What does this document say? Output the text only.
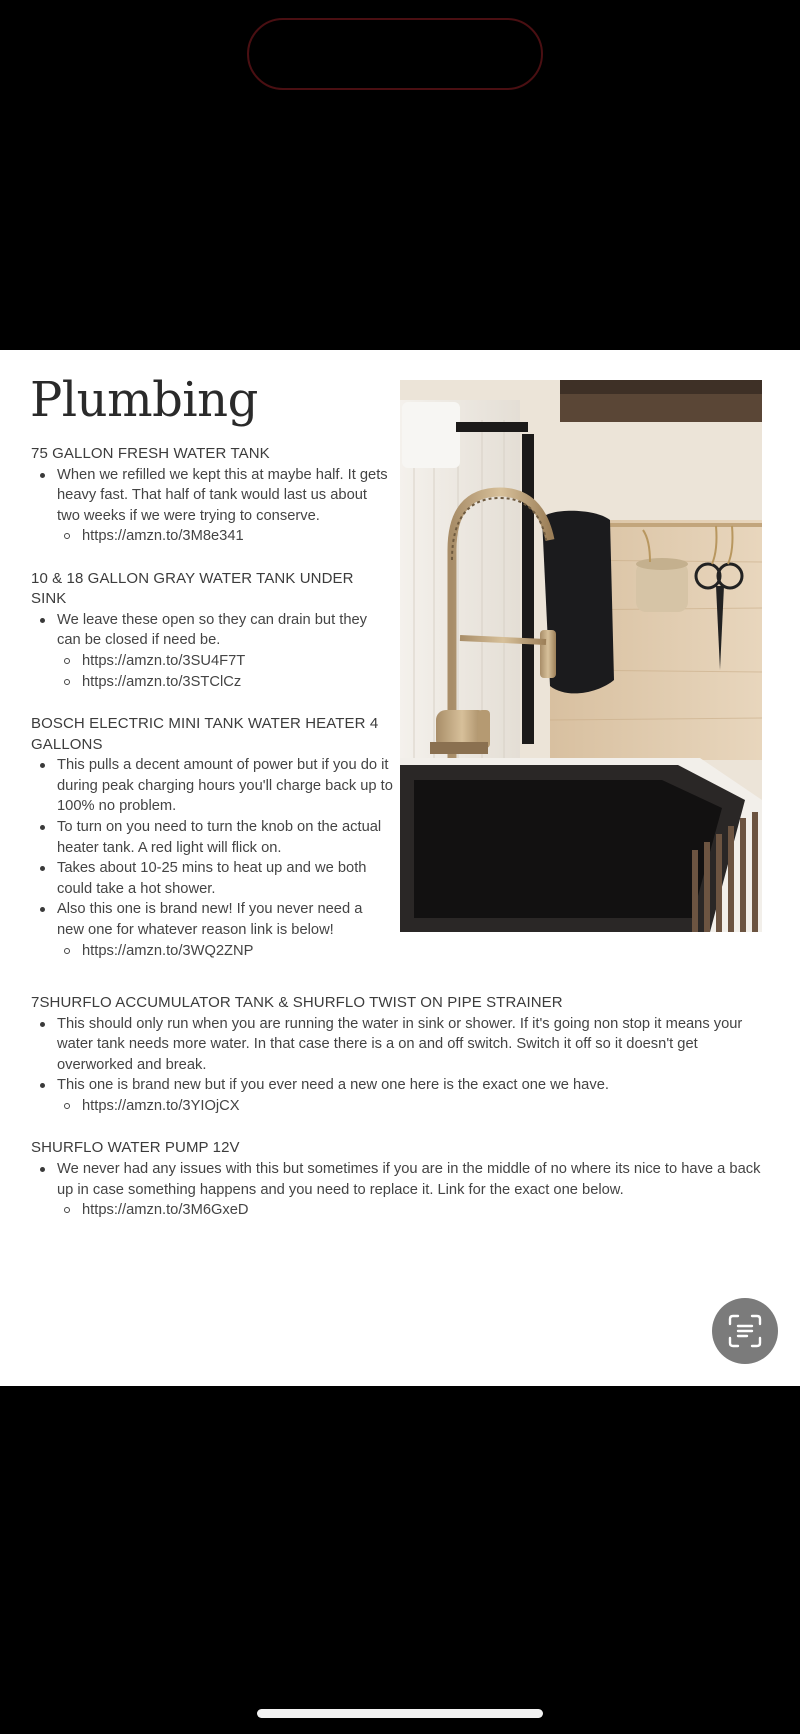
Plumbing

75 GALLON FRESH WATER TANK

When we refilled we kept this at maybe half. It gets heavy fast. That half of tank would last us about two weeks if we were trying to conserve.
https://amzn.to/3M8e341

10 & 18 GALLON GRAY WATER TANK UNDER SINK

We leave these open so they can drain but they can be closed if need be.
https://amzn.to/3SU4F7T
https://amzn.to/3STClCz

BOSCH ELECTRIC MINI TANK WATER HEATER 4 GALLONS

This pulls a decent amount of power but if you do it during peak charging hours you'll charge back up to 100% no problem.
To turn on you need to turn the knob on the actual heater tank. A red light will flick on.
Takes about 10-25 mins to heat up and we both could take a hot shower.
Also this one is brand new! If you never need a new one for whatever reason link is below!
https://amzn.to/3WQ2ZNP

7SHURFLO ACCUMULATOR TANK & SHURFLO TWIST ON PIPE STRAINER

This should only run when you are running the water in sink or shower. If it's going non stop it means your water tank needs more water. In that case there is a on and off switch. Switch it off so it doesn't get overworked and break.
This one is brand new but if you ever need a new one here is the exact one we have.
https://amzn.to/3YIOjCX

SHURFLO WATER PUMP 12V

We never had any issues with this but sometimes if you are in the middle of no where its nice to have a back up in case something happens and you need to replace it. Link for the exact one below.
https://amzn.to/3M6GxeD
